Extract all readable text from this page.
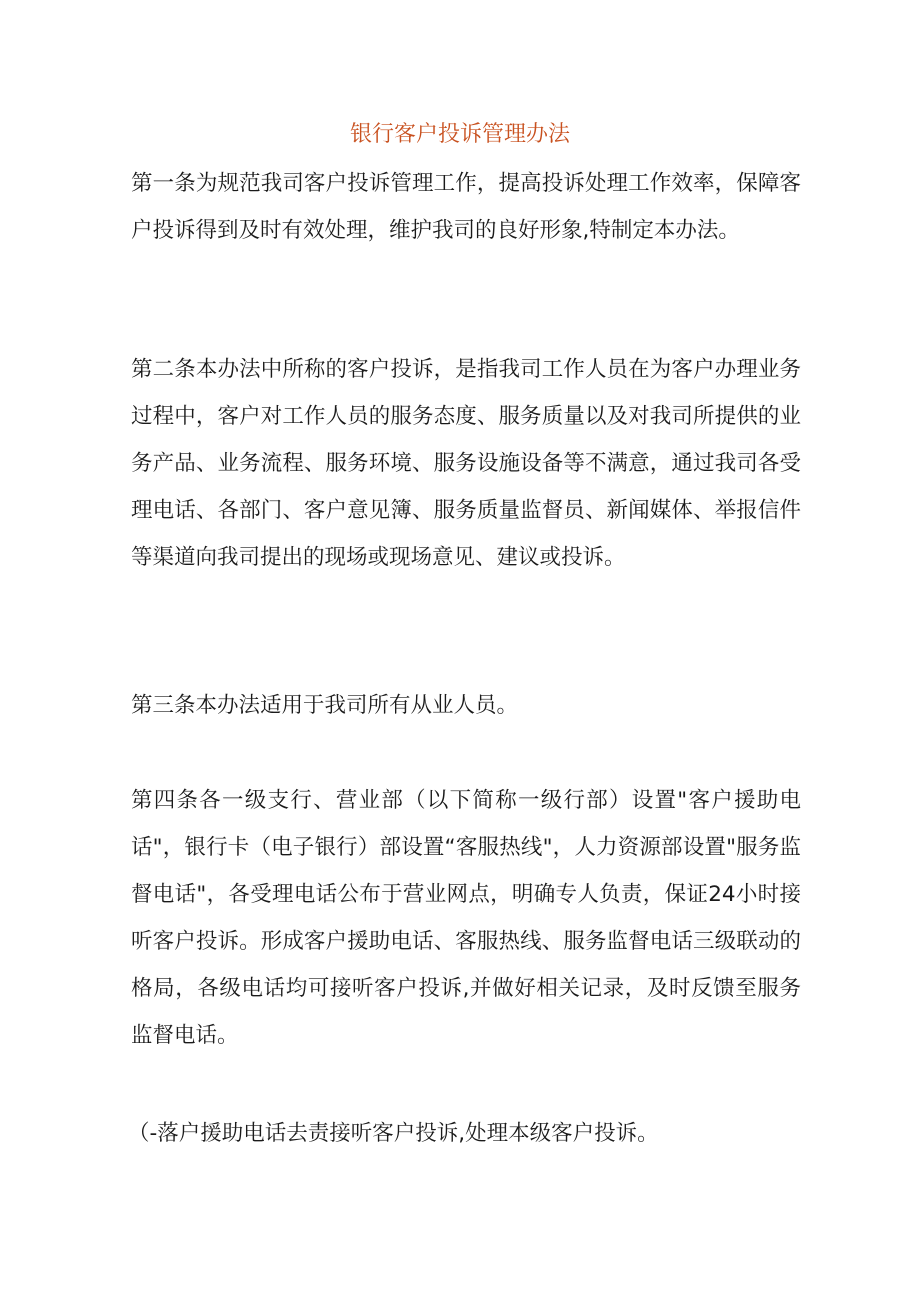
银行客户投诉管理办法

第一条为规范我司客户投诉管理工作，提高投诉处理工作效率，保障客户投诉得到及时有效处理，维护我司的良好形象,特制定本办法。

第二条本办法中所称的客户投诉，是指我司工作人员在为客户办理业务过程中，客户对工作人员的服务态度、服务质量以及对我司所提供的业务产品、业务流程、服务环境、服务设施设备等不满意，通过我司各受理电话、各部门、客户意见簿、服务质量监督员、新闻媒体、举报信件等渠道向我司提出的现场或现场意见、建议或投诉。

第三条本办法适用于我司所有从业人员。

第四条各一级支行、营业部（以下简称一级行部）设置"客户援助电话"，银行卡（电子银行）部设置“客服热线"，人力资源部设置"服务监督电话"，各受理电话公布于营业网点，明确专人负责，保证24小时接听客户投诉。形成客户援助电话、客服热线、服务监督电话三级联动的格局，各级电话均可接听客户投诉,并做好相关记录，及时反馈至服务监督电话。

（-落户援助电话去责接听客户投诉,处理本级客户投诉。
